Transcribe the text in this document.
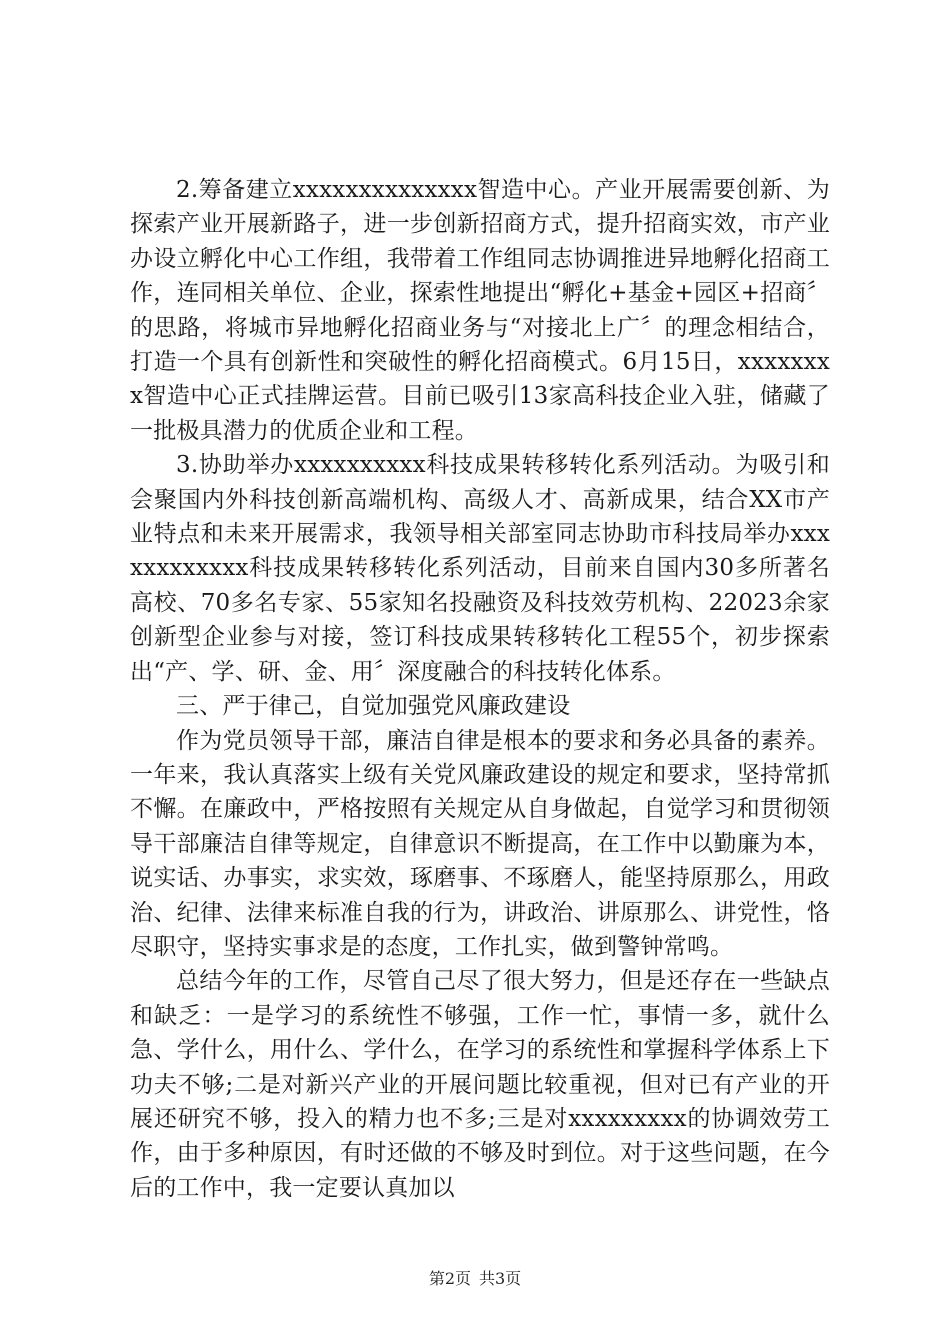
2.筹备建立xxxxxxxxxxxxxx智造中心。产业开展需要创新、为探索产业开展新路子，进一步创新招商方式，提升招商实效，市产业办设立孵化中心工作组，我带着工作组同志协调推进异地孵化招商工作，连同相关单位、企业，探索性地提出“孵化+基金+园区+招商〞的思路，将城市异地孵化招商业务与“对接北上广〞的理念相结合，打造一个具有创新性和突破性的孵化招商模式。6月15日，xxxxxxxx智造中心正式挂牌运营。目前已吸引13家高科技企业入驻，储藏了一批极具潜力的优质企业和工程。

3.协助举办xxxxxxxxxx科技成果转移转化系列活动。为吸引和会聚国内外科技创新高端机构、高级人才、高新成果，结合XX市产业特点和未来开展需求，我领导相关部室同志协助市科技局举办xxxxxxxxxxxx科技成果转移转化系列活动，目前来自国内30多所著名高校、70多名专家、55家知名投融资及科技效劳机构、22023余家创新型企业参与对接，签订科技成果转移转化工程55个，初步探索出“产、学、研、金、用〞深度融合的科技转化体系。

三、严于律己，自觉加强党风廉政建设

作为党员领导干部，廉洁自律是根本的要求和务必具备的素养。一年来，我认真落实上级有关党风廉政建设的规定和要求，坚持常抓不懈。在廉政中，严格按照有关规定从自身做起，自觉学习和贯彻领导干部廉洁自律等规定，自律意识不断提高，在工作中以勤廉为本，说实话、办事实，求实效，琢磨事、不琢磨人，能坚持原那么，用政治、纪律、法律来标准自我的行为，讲政治、讲原那么、讲党性，恪尽职守，坚持实事求是的态度，工作扎实，做到警钟常鸣。

总结今年的工作，尽管自己尽了很大努力，但是还存在一些缺点和缺乏：一是学习的系统性不够强，工作一忙，事情一多，就什么急、学什么，用什么、学什么，在学习的系统性和掌握科学体系上下功夫不够;二是对新兴产业的开展问题比较重视，但对已有产业的开展还研究不够，投入的精力也不多;三是对xxxxxxxxx的协调效劳工作，由于多种原因，有时还做的不够及时到位。对于这些问题，在今后的工作中，我一定要认真加以

第2页 共3页
